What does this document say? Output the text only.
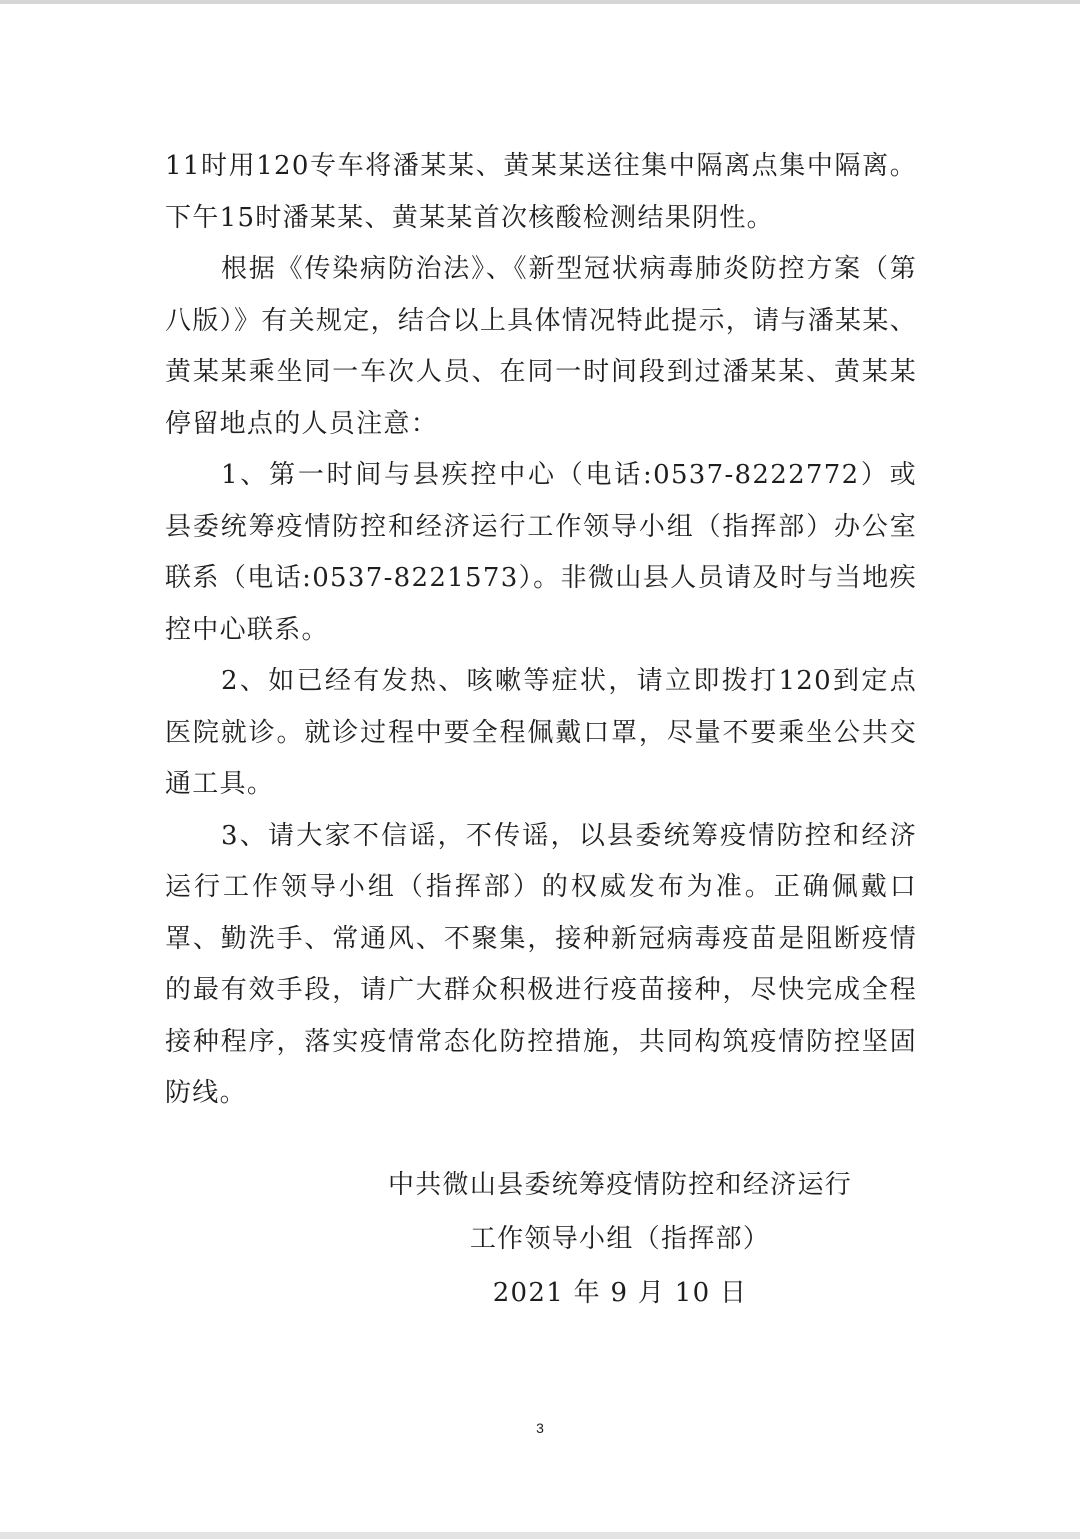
11时用120专车将潘某某、黄某某送往集中隔离点集中隔离。下午15时潘某某、黄某某首次核酸检测结果阴性。

根据《传染病防治法》、《新型冠状病毒肺炎防控方案（第八版）》有关规定，结合以上具体情况特此提示，请与潘某某、黄某某乘坐同一车次人员、在同一时间段到过潘某某、黄某某停留地点的人员注意：

1、第一时间与县疾控中心（电话:0537-8222772）或县委统筹疫情防控和经济运行工作领导小组（指挥部）办公室联系（电话:0537-8221573）。非微山县人员请及时与当地疾控中心联系。

2、如已经有发热、咳嗽等症状，请立即拨打120到定点医院就诊。就诊过程中要全程佩戴口罩，尽量不要乘坐公共交通工具。

3、请大家不信谣，不传谣，以县委统筹疫情防控和经济运行工作领导小组（指挥部）的权威发布为准。正确佩戴口罩、勤洗手、常通风、不聚集，接种新冠病毒疫苗是阻断疫情的最有效手段，请广大群众积极进行疫苗接种，尽快完成全程接种程序，落实疫情常态化防控措施，共同构筑疫情防控坚固防线。

中共微山县委统筹疫情防控和经济运行
工作领导小组（指挥部）
2021 年 9 月 10 日
3
